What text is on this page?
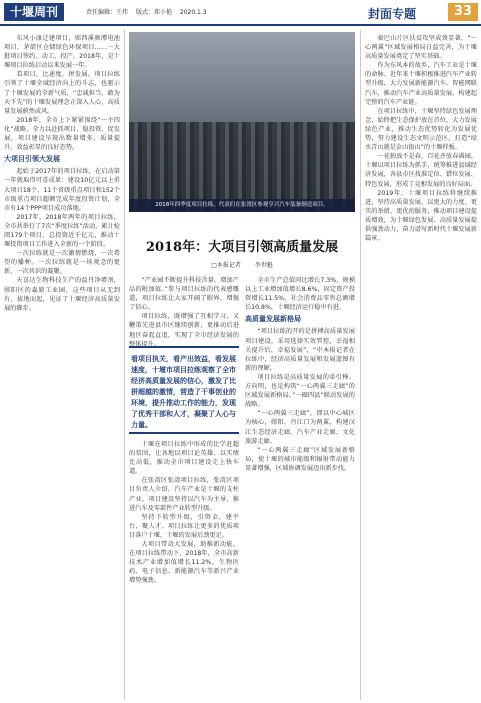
十堰周刊	责任编辑：王炜 版式：郑小艳 2020.1.3	封面专题	33

东风小康迁建项目，郧西溪舞潭电池项目，茅箭区仓储绿色环保项目……一大批项目签约、动工、投产。2018年，是十堰项目拉练启动以来发展一年。

看项目，比速度，拼发展。项目拉练引领了十堰全域经济向上的斗志，也驱示了十堰发展的全新气质，“忠诚担当、敢为天下先”的十堰发展理念正深入人心，高质量发展蔚然成风。

2018年，全市上下紧紧围绕“一主四化”战略，全力以赴抓项目、稳投资、促发展，项目建设呈现出数量增多、质量提升、效益彰显的良好态势。

大项目引领大发展

起始于2017年的项目拉练，在启动第一年就取得可喜成果：建设10亿元以上重大项目18个，11个省级重点项目和152个市级重点项目超额完成年度投资计划，全市有14个PPP项目成功落地。

2017年，2018年两年的项目拉练，全市共举行了7次“季度拉练”活动，累计检阅179个项目，总投资近千亿元，推动十堰投资项目工作进入全新的一个阶段。

一次拉练就是一次激情燃烧，一次希望的播种。一次拉练就是一场观念的更新，一次共识的凝聚。

天喜达生物科技生产的益丹净增剂，郧阳区的森原工业园，这些项目从无到有、拔地而起，见证了十堰经济高质量发展的脚步。

2018年四季度项目拉练，代表们在张湾区参观亨兴汽车装备制造项目。
2018年：大项目引领高质量发展
□本报记者 李世魁

“产业园不断提升科技含量，增加产品的附加值。”参与项目拉练的代表感慨道，项目拉练让大家开阔了眼界、增强了信心。

项目拉练，既增强了互相学习，又鞭策先进县市区继续创新，更推动后进地区奋起直追，实现了全市经济发展的整体提升。

看项目执关，看产出效益，看发展速度，十堰市项目拉练观察了全市经济高质量发展的信心，激发了比拼超越的激情，营造了干事创业的环境，提升推动工作的能力，发现了优秀干部和人才，凝聚了人心与力量。

十堰在项目拉练中形成的比学赶超的氛围，让各地以项目论英雄、以实绩比高低，推动全市项目建设走上快车道。

在张湾区张湾项目拉练，张湾区项目负责人介绍，汽车产业是十堰的支柱产业，项目建设坚持以汽车为主导，推进汽车及零部件产业转型升级。

坚持下转型升级，引资金，建平台，聚人才。项目拉练让更多的优质项目落户十堰，十堰的发展后劲更足。

大项目带动大发展，助推新动能。在项目拉练带动下，2018年，全市高新技术产业增加值增长11.2%，生物医药、电子信息、新能源汽车等新兴产业增势强劲。

全市生产总值同比增长7.3%，规模以上工业增加值增长8.6%，固定资产投资增长11.5%，社会消费品零售总额增长10.8%，十堰经济运行稳中有进。

高质量发展新格局

“项目拉练的开的是拼搏高质量发展项目建设，采用选择实效管控，幸福相关提升后，幸福发展”，“中本报记者在拉练中，经济高质量发展和发展蓝图有新的理解。

项目拉练是高质量发展的牵引棒。方向明，也是构筑“一心两翼三走廊”的区域发展新格局。”一圈四县“联动发展的战略。

“一心两翼三走廊”，即以中心城区为核心，郧阳、丹江口为两翼，构建汉江生态经济走廊、汽车产业走廊、文化旅游走廊。

“一心两翼三走廊”区域发展新格局，使十堰的城市能级和辐射带动能力显著增强，区域协调发展迈出新步伐。

秦巴山片区扶贫攻坚成效显著，“一心两翼”区域发展格局日益完善，为十堰高质量发展奠定了坚实基础。

作为东风本的故乡，汽车工业是十堰的命脉。近年来十堰积极推进汽车产业转型升级，大力发展新能源汽车、智能网联汽车，推动汽车产业高质量发展，构建起完整的汽车产业链。

在项目拉练中，十堰坚持绿色发展理念，始终把生态保护放在首位，大力发展绿色产业，推动生态优势转化为发展优势，努力建设生态文明示范区，打造“绿水青山就是金山银山”的十堰样板。

一花独放不是春，百花齐放春满园。十堰以项目拉练为抓手，统筹推进县域经济发展，各县市区找准定位、错位发展、特色发展，形成了竞相发展的良好局面。

2019年，十堰项目拉练将继续推进，坚持高质量发展，以更大的力度、更实的举措、更优的服务，推动项目建设提质增效，为十堰绿色发展、高质量发展提供强劲动力，奋力谱写新时代十堰发展新篇章。
